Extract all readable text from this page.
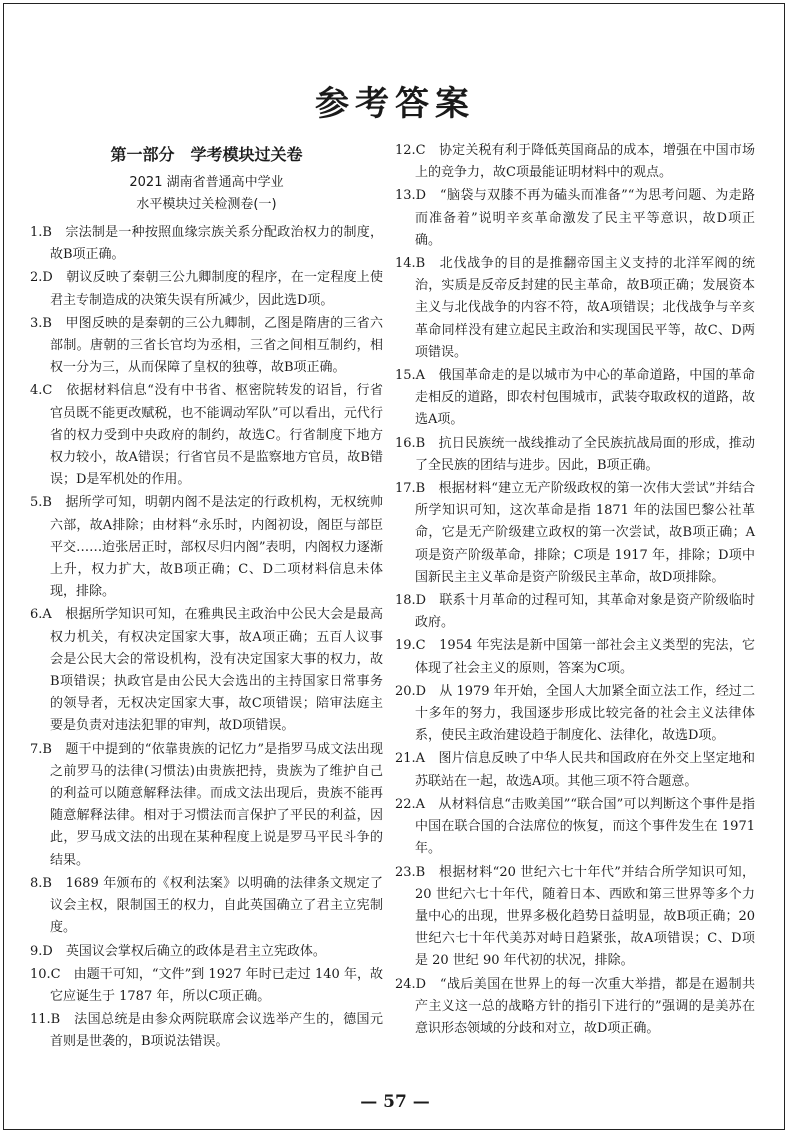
参考答案
第一部分　学考模块过关卷
2021 湖南省普通高中学业
水平模块过关检测卷(一)
1.B　宗法制是一种按照血缘宗族关系分配政治权力的制度，故B项正确。
2.D　朝议反映了秦朝三公九卿制度的程序，在一定程度上使君主专制造成的决策失误有所减少，因此选D项。
3.B　甲图反映的是秦朝的三公九卿制，乙图是隋唐的三省六部制。唐朝的三省长官均为丞相，三省之间相互制约，相权一分为三，从而保障了皇权的独尊，故B项正确。
4.C　依据材料信息“没有中书省、枢密院转发的诏旨，行省官员既不能更改赋税，也不能调动军队”可以看出，元代行省的权力受到中央政府的制约，故选C。行省制度下地方权力较小，故A错误；行省官员不是监察地方官员，故B错误；D是军机处的作用。
5.B　据所学可知，明朝内阁不是法定的行政机构，无权统帅六部，故A排除；由材料“永乐时，内阁初设，阁臣与部臣平交……迨张居正时，部权尽归内阁”表明，内阁权力逐渐上升，权力扩大，故B项正确；C、D二项材料信息未体现，排除。
6.A　根据所学知识可知，在雅典民主政治中公民大会是最高权力机关，有权决定国家大事，故A项正确；五百人议事会是公民大会的常设机构，没有决定国家大事的权力，故B项错误；执政官是由公民大会选出的主持国家日常事务的领导者，无权决定国家大事，故C项错误；陪审法庭主要是负责对违法犯罪的审判，故D项错误。
7.B　题干中提到的“依靠贵族的记忆力”是指罗马成文法出现之前罗马的法律(习惯法)由贵族把持，贵族为了维护自己的利益可以随意解释法律。而成文法出现后，贵族不能再随意解释法律。相对于习惯法而言保护了平民的利益，因此，罗马成文法的出现在某种程度上说是罗马平民斗争的结果。
8.B　1689 年颁布的《权利法案》以明确的法律条文规定了议会主权，限制国王的权力，自此英国确立了君主立宪制度。
9.D　英国议会掌权后确立的政体是君主立宪政体。
10.C　由题干可知，“文件”到 1927 年时已走过 140 年，故它应诞生于 1787 年，所以C项正确。
11.B　法国总统是由参众两院联席会议选举产生的，德国元首则是世袭的，B项说法错误。
12.C　协定关税有利于降低英国商品的成本，增强在中国市场上的竞争力，故C项最能证明材料中的观点。
13.D　“脑袋与双膝不再为磕头而准备”“为思考问题、为走路而准备着”说明辛亥革命激发了民主平等意识，故D项正确。
14.B　北伐战争的目的是推翻帝国主义支持的北洋军阀的统治，实质是反帝反封建的民主革命，故B项正确；发展资本主义与北伐战争的内容不符，故A项错误；北伐战争与辛亥革命同样没有建立起民主政治和实现国民平等，故C、D两项错误。
15.A　俄国革命走的是以城市为中心的革命道路，中国的革命走相反的道路，即农村包围城市，武装夺取政权的道路，故选A项。
16.B　抗日民族统一战线推动了全民族抗战局面的形成，推动了全民族的团结与进步。因此，B项正确。
17.B　根据材料“建立无产阶级政权的第一次伟大尝试”并结合所学知识可知，这次革命是指 1871 年的法国巴黎公社革命，它是无产阶级建立政权的第一次尝试，故B项正确；A项是资产阶级革命，排除；C项是 1917 年，排除；D项中国新民主主义革命是资产阶级民主革命，故D项排除。
18.D　联系十月革命的过程可知，其革命对象是资产阶级临时政府。
19.C　1954 年宪法是新中国第一部社会主义类型的宪法，它体现了社会主义的原则，答案为C项。
20.D　从 1979 年开始，全国人大加紧全面立法工作，经过二十多年的努力，我国逐步形成比较完备的社会主义法律体系，使民主政治建设趋于制度化、法律化，故选D项。
21.A　图片信息反映了中华人民共和国政府在外交上坚定地和苏联站在一起，故选A项。其他三项不符合题意。
22.A　从材料信息“击败美国”“联合国”可以判断这个事件是指中国在联合国的合法席位的恢复，而这个事件发生在 1971 年。
23.B　根据材料“20 世纪六七十年代”并结合所学知识可知，20 世纪六七十年代，随着日本、西欧和第三世界等多个力量中心的出现，世界多极化趋势日益明显，故B项正确；20 世纪六七十年代美苏对峙日趋紧张，故A项错误；C、D项是 20 世纪 90 年代初的状况，排除。
24.D　“战后美国在世界上的每一次重大举措，都是在遏制共产主义这一总的战略方针的指引下进行的”强调的是美苏在意识形态领域的分歧和对立，故D项正确。
— 57 —
